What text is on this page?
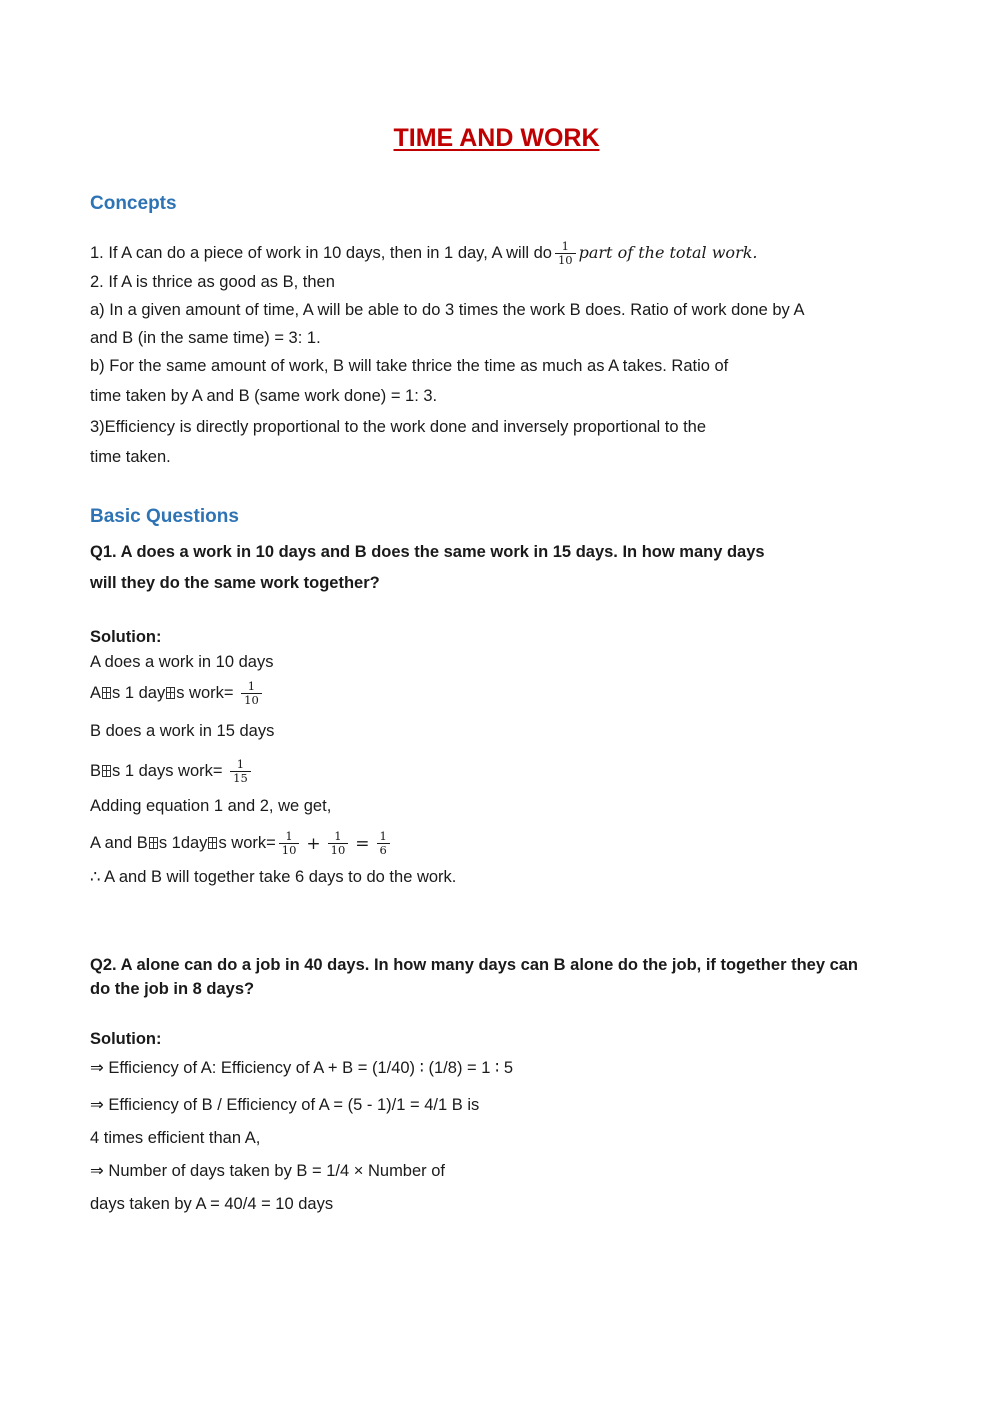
TIME AND WORK
Concepts
1. If A can do a piece of work in 10 days, then in 1 day, A will do $\frac{1}{10}$ part of the total work.
2. If A is thrice as good as B, then
a) In a given amount of time, A will be able to do 3 times the work B does. Ratio of work done by A
and B (in the same time) = 3: 1.
b) For the same amount of work, B will take thrice the time as much as A takes. Ratio of
time taken by A and B (same work done) = 1: 3.
3)Efficiency is directly proportional to the work done and inversely proportional to the
time taken.
Basic Questions
Q1. A does a work in 10 days and B does the same work in 15 days. In how many days
will they do the same work together?
Solution:
A does a work in 10 days
A s 1 day s work= $\frac{1}{10}$
B does a work in 15 days
B s 1 days work= $\frac{1}{15}$
Adding equation 1 and 2, we get,
A and B s 1day s work= $\frac{1}{10} + \frac{1}{10} = \frac{1}{6}$
∴ A and B will together take 6 days to do the work.
Q2. A alone can do a job in 40 days. In how many days can B alone do the job, if together they can
do the job in 8 days?
Solution:
⇒ Efficiency of A: Efficiency of A + B = (1/40) ∶ (1/8) = 1 ∶ 5
⇒ Efficiency of B / Efficiency of A = (5 - 1)/1 = 4/1 B is
4 times efficient than A,
⇒ Number of days taken by B = 1/4 × Number of
days taken by A = 40/4 = 10 days
